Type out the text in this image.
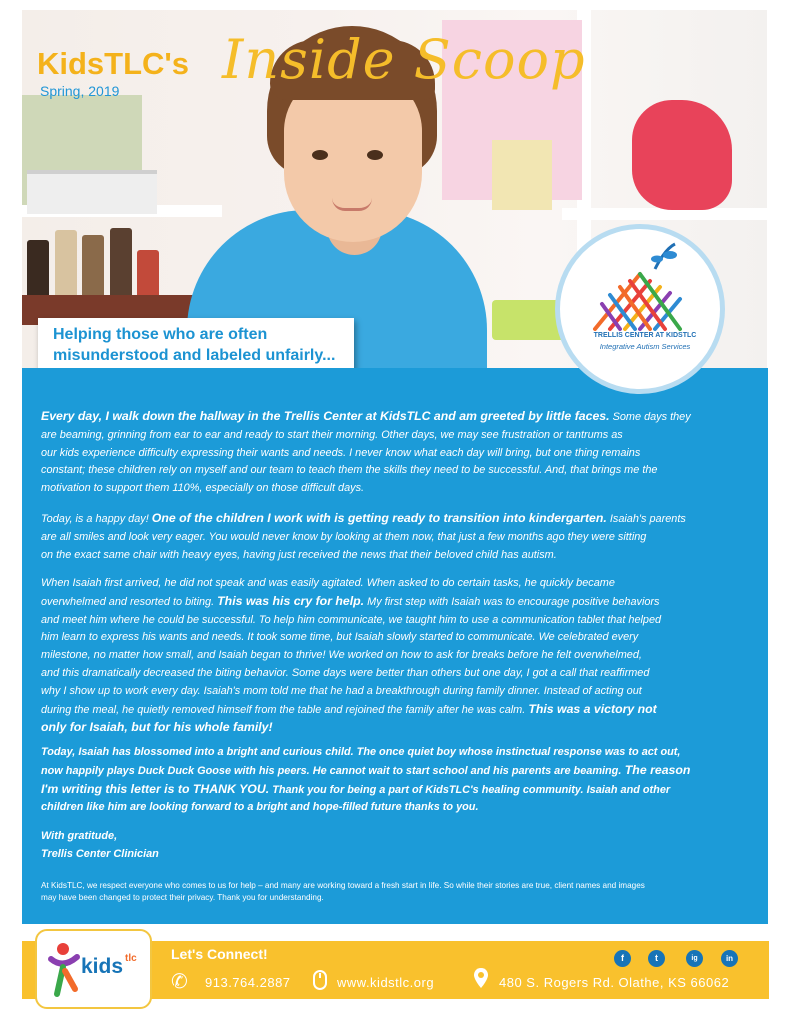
KidsTLC's Inside Scoop
Spring, 2019
Helping those who are often
misunderstood and labeled unfairly...
TRELLIS CENTER AT KIDSTLC
Integrative Autism Services
Every day, I walk down the hallway in the Trellis Center at KidsTLC and am greeted by little faces. Some days they
are beaming, grinning from ear to ear and ready to start their morning. Other days, we may see frustration or tantrums as
our kids experience difficulty expressing their wants and needs. I never know what each day will bring, but one thing remains
constant; these children rely on myself and our team to teach them the skills they need to be successful. And, that brings me the
motivation to support them 110%, especially on those difficult days.
Today, is a happy day! One of the children I work with is getting ready to transition into kindergarten. Isaiah's parents
are all smiles and look very eager. You would never know by looking at them now, that just a few months ago they were sitting
on the exact same chair with heavy eyes, having just received the news that their beloved child has autism.
When Isaiah first arrived, he did not speak and was easily agitated. When asked to do certain tasks, he quickly became
overwhelmed and resorted to biting. This was his cry for help. My first step with Isaiah was to encourage positive behaviors
and meet him where he could be successful. To help him communicate, we taught him to use a communication tablet that helped
him learn to express his wants and needs. It took some time, but Isaiah slowly started to communicate. We celebrated every
milestone, no matter how small, and Isaiah began to thrive! We worked on how to ask for breaks before he felt overwhelmed,
and this dramatically decreased the biting behavior. Some days were better than others but one day, I got a call that reaffirmed
why I show up to work every day. Isaiah's mom told me that he had a breakthrough during family dinner. Instead of acting out
during the meal, he quietly removed himself from the table and rejoined the family after he was calm. This was a victory not
only for Isaiah, but for his whole family!
Today, Isaiah has blossomed into a bright and curious child. The once quiet boy whose instinctual response was to act out,
now happily plays Duck Duck Goose with his peers. He cannot wait to start school and his parents are beaming. The reason
I'm writing this letter is to THANK YOU. Thank you for being a part of KidsTLC's healing community. Isaiah and other
children like him are looking forward to a bright and hope-filled future thanks to you.
With gratitude,
Trellis Center Clinician
At KidsTLC, we respect everyone who comes to us for help – and many are working toward a fresh start in life. So while their stories are true, client names and images
may have been changed to protect their privacy. Thank you for understanding.
kids tlc Let's Connect!
✆ 913.764.2887	www.kidstlc.org	480 S. Rogers Rd. Olathe, KS 66062
f	t	ig	in
